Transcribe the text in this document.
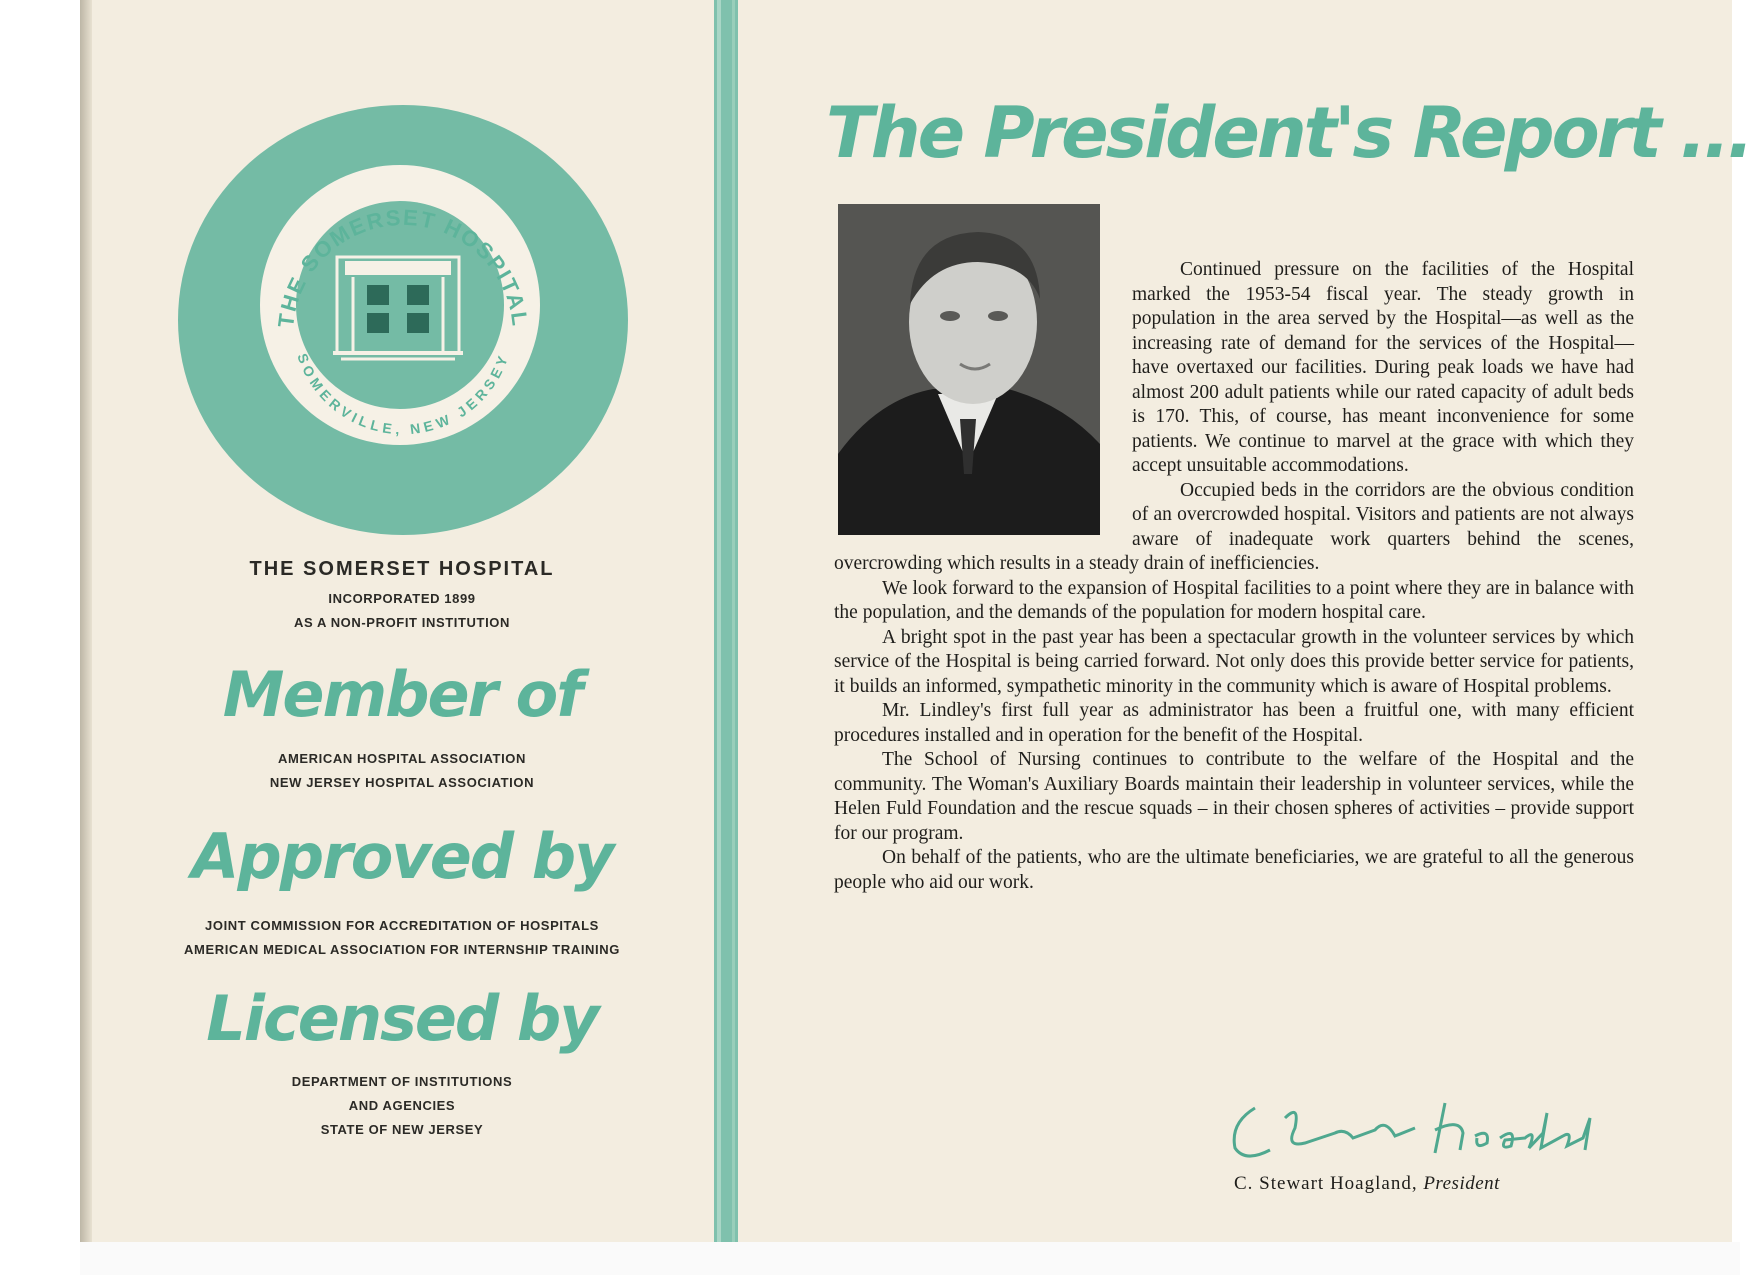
THE SOMERSET HOSPITAL
SOMERVILLE, NEW JERSEY
THE SOMERSET HOSPITAL
INCORPORATED 1899
AS A NON-PROFIT INSTITUTION
Member of
AMERICAN HOSPITAL ASSOCIATION
NEW JERSEY HOSPITAL ASSOCIATION
Approved by
JOINT COMMISSION FOR ACCREDITATION OF HOSPITALS
AMERICAN MEDICAL ASSOCIATION FOR INTERNSHIP TRAINING
Licensed by
DEPARTMENT OF INSTITUTIONS
AND AGENCIES
STATE OF NEW JERSEY
The President's Report ...

Continued pressure on the facilities of the Hospital marked the 1953-54 fiscal year. The steady growth in population in the area served by the Hospital—as well as the increasing rate of demand for the services of the Hospital—have overtaxed our facilities. During peak loads we have had almost 200 adult patients while our rated capacity of adult beds is 170. This, of course, has meant inconvenience for some patients. We continue to marvel at the grace with which they accept unsuitable accommodations.

Occupied beds in the corridors are the obvious condition of an overcrowded hospital. Visitors and patients are not always aware of inadequate work quarters behind the scenes, overcrowding which results in a steady drain of inefficiencies.

We look forward to the expansion of Hospital facilities to a point where they are in balance with the population, and the demands of the population for modern hospital care.

A bright spot in the past year has been a spectacular growth in the volunteer services by which service of the Hospital is being carried forward. Not only does this provide better service for patients, it builds an informed, sympathetic minority in the community which is aware of Hospital problems.

Mr. Lindley's first full year as administrator has been a fruitful one, with many efficient procedures installed and in operation for the benefit of the Hospital.

The School of Nursing continues to contribute to the welfare of the Hospital and the community. The Woman's Auxiliary Boards maintain their leadership in volunteer services, while the Helen Fuld Foundation and the rescue squads – in their chosen spheres of activities – provide support for our program.

On behalf of the patients, who are the ultimate beneficiaries, we are grateful to all the generous people who aid our work.

C. Stewart Hoagland, President
